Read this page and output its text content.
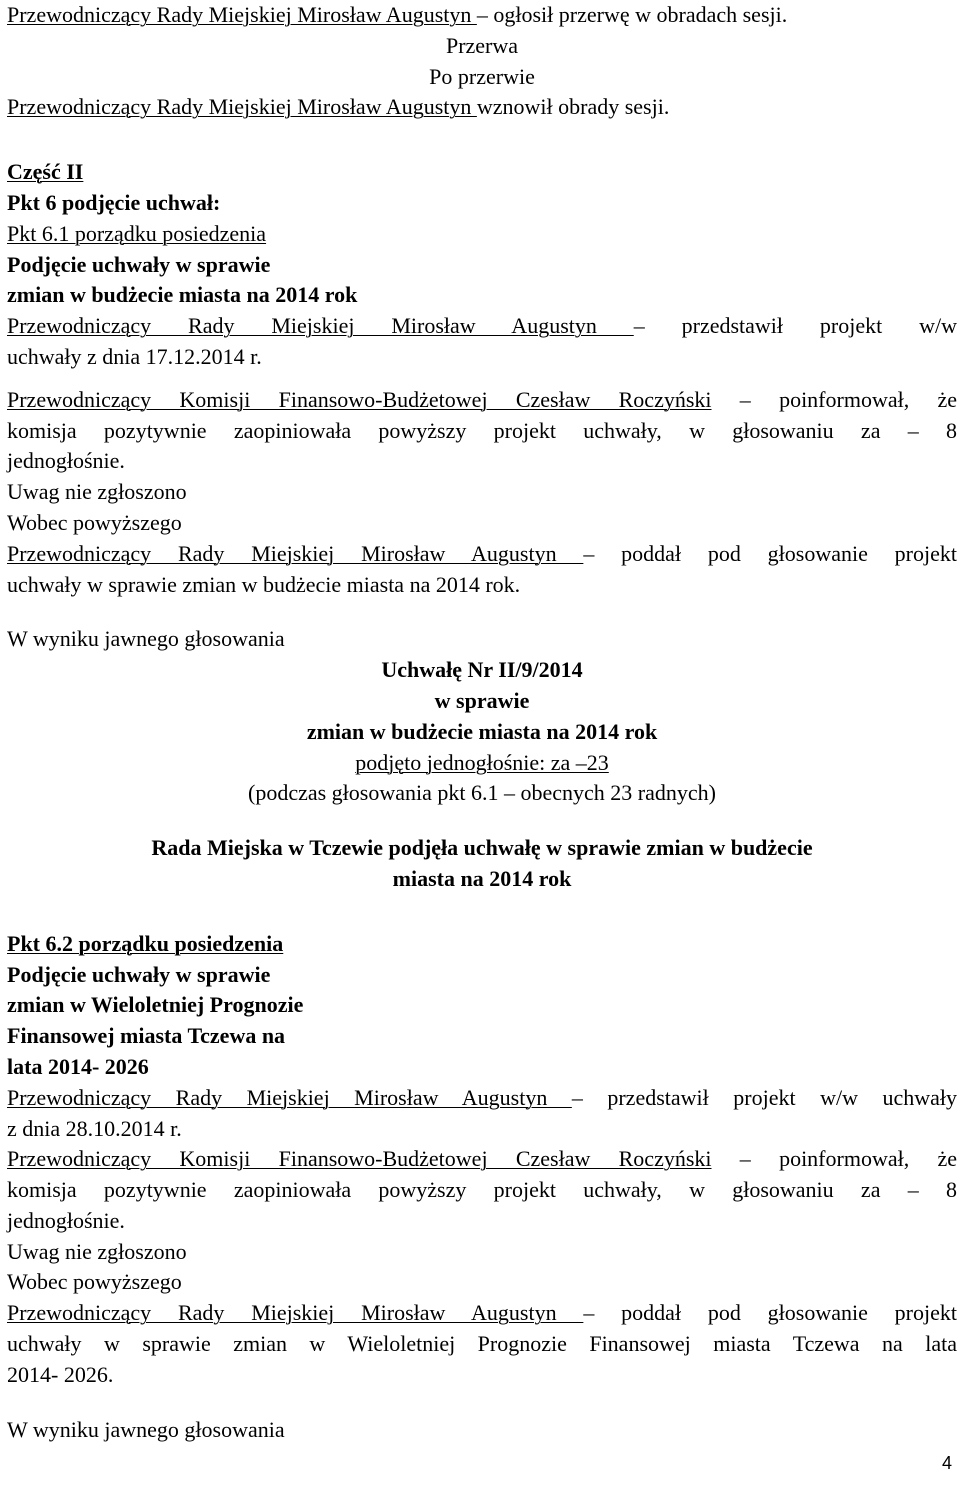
Przewodniczący Rady Miejskiej Mirosław Augustyn – ogłosił przerwę w obradach sesji.
Przerwa
Po przerwie
Przewodniczący Rady Miejskiej Mirosław Augustyn wznowił obrady sesji.
Część II
Pkt 6 podjęcie uchwał:
Pkt 6.1 porządku posiedzenia
Podjęcie uchwały w sprawie
zmian w budżecie miasta na 2014 rok
Przewodniczący Rady Miejskiej Mirosław Augustyn – przedstawił projekt w/w
uchwały z dnia 17.12.2014 r.
Przewodniczący Komisji Finansowo-Budżetowej Czesław Roczyński – poinformował, że
komisja pozytywnie zaopiniowała powyższy projekt uchwały, w głosowaniu za – 8
jednogłośnie.
Uwag nie zgłoszono
Wobec powyższego
Przewodniczący Rady Miejskiej Mirosław Augustyn – poddał pod głosowanie projekt
uchwały w sprawie zmian w budżecie miasta na 2014 rok.
W wyniku jawnego głosowania
Uchwałę Nr II/9/2014
w sprawie
zmian w budżecie miasta na 2014 rok
podjęto jednogłośnie: za –23
(podczas głosowania pkt 6.1 – obecnych 23 radnych)
Rada Miejska w Tczewie podjęła uchwałę w sprawie zmian w budżecie
miasta na 2014 rok
Pkt 6.2 porządku posiedzenia
Podjęcie uchwały w sprawie
zmian w Wieloletniej Prognozie
Finansowej miasta Tczewa na
lata 2014- 2026
Przewodniczący Rady Miejskiej Mirosław Augustyn – przedstawił projekt w/w uchwały
z dnia 28.10.2014 r.
Przewodniczący Komisji Finansowo-Budżetowej Czesław Roczyński – poinformował, że
komisja pozytywnie zaopiniowała powyższy projekt uchwały, w głosowaniu za – 8
jednogłośnie.
Uwag nie zgłoszono
Wobec powyższego
Przewodniczący Rady Miejskiej Mirosław Augustyn – poddał pod głosowanie projekt
uchwały w sprawie zmian w Wieloletniej Prognozie Finansowej miasta Tczewa na lata
2014- 2026.
W wyniku jawnego głosowania
4
